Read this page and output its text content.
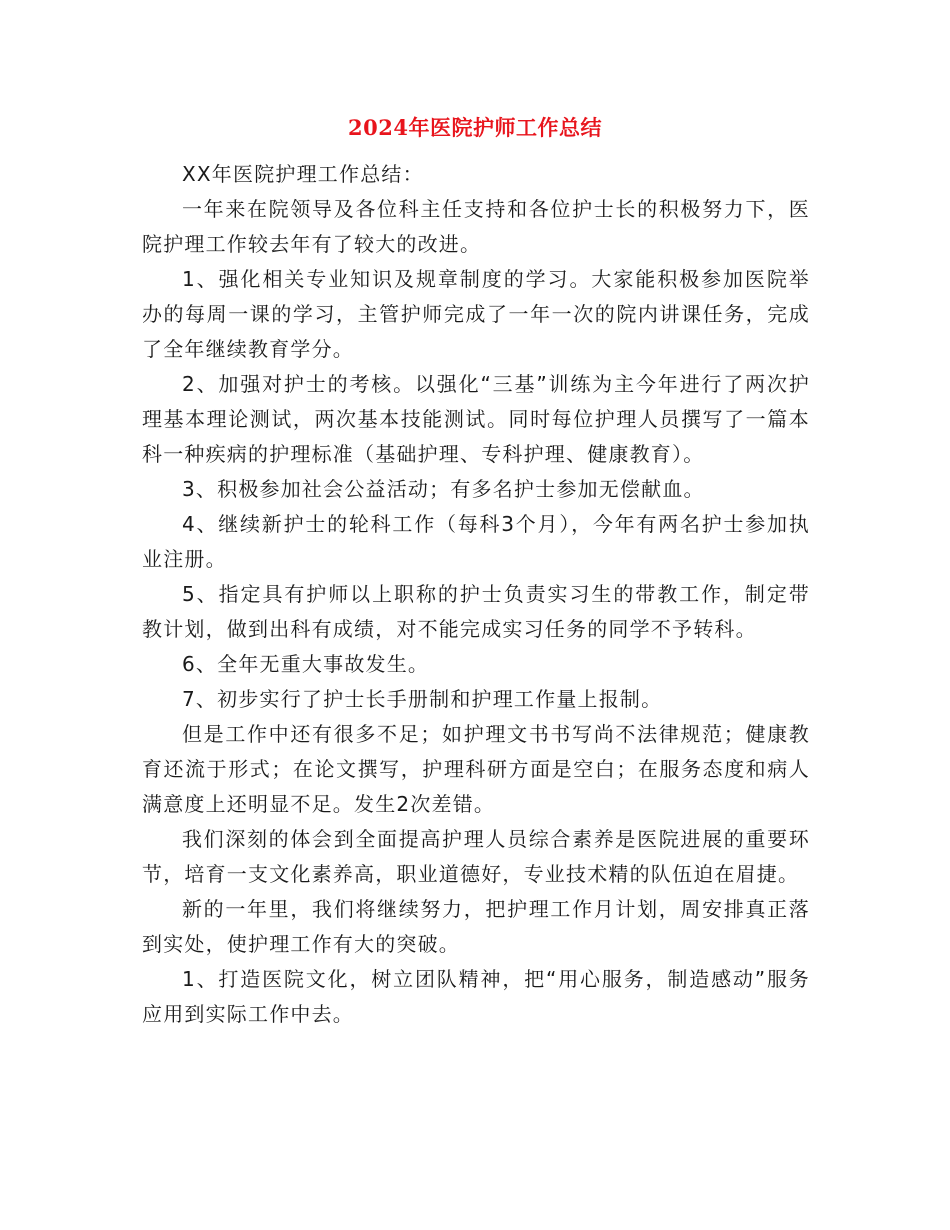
2024年医院护师工作总结

XX年医院护理工作总结：

一年来在院领导及各位科主任支持和各位护士长的积极努力下，医院护理工作较去年有了较大的改进。

1、强化相关专业知识及规章制度的学习。大家能积极参加医院举办的每周一课的学习，主管护师完成了一年一次的院内讲课任务，完成了全年继续教育学分。

2、加强对护士的考核。以强化“三基”训练为主今年进行了两次护理基本理论测试，两次基本技能测试。同时每位护理人员撰写了一篇本科一种疾病的护理标准（基础护理、专科护理、健康教育）。

3、积极参加社会公益活动；有多名护士参加无偿献血。

4、继续新护士的轮科工作（每科3个月），今年有两名护士参加执业注册。

5、指定具有护师以上职称的护士负责实习生的带教工作，制定带教计划，做到出科有成绩，对不能完成实习任务的同学不予转科。

6、全年无重大事故发生。

7、初步实行了护士长手册制和护理工作量上报制。

但是工作中还有很多不足；如护理文书书写尚不法律规范；健康教育还流于形式；在论文撰写，护理科研方面是空白；在服务态度和病人满意度上还明显不足。发生2次差错。

我们深刻的体会到全面提高护理人员综合素养是医院进展的重要环节，培育一支文化素养高，职业道德好，专业技术精的队伍迫在眉捷。

新的一年里，我们将继续努力，把护理工作月计划，周安排真正落到实处，使护理工作有大的突破。

1、打造医院文化，树立团队精神，把“用心服务，制造感动”服务应用到实际工作中去。
